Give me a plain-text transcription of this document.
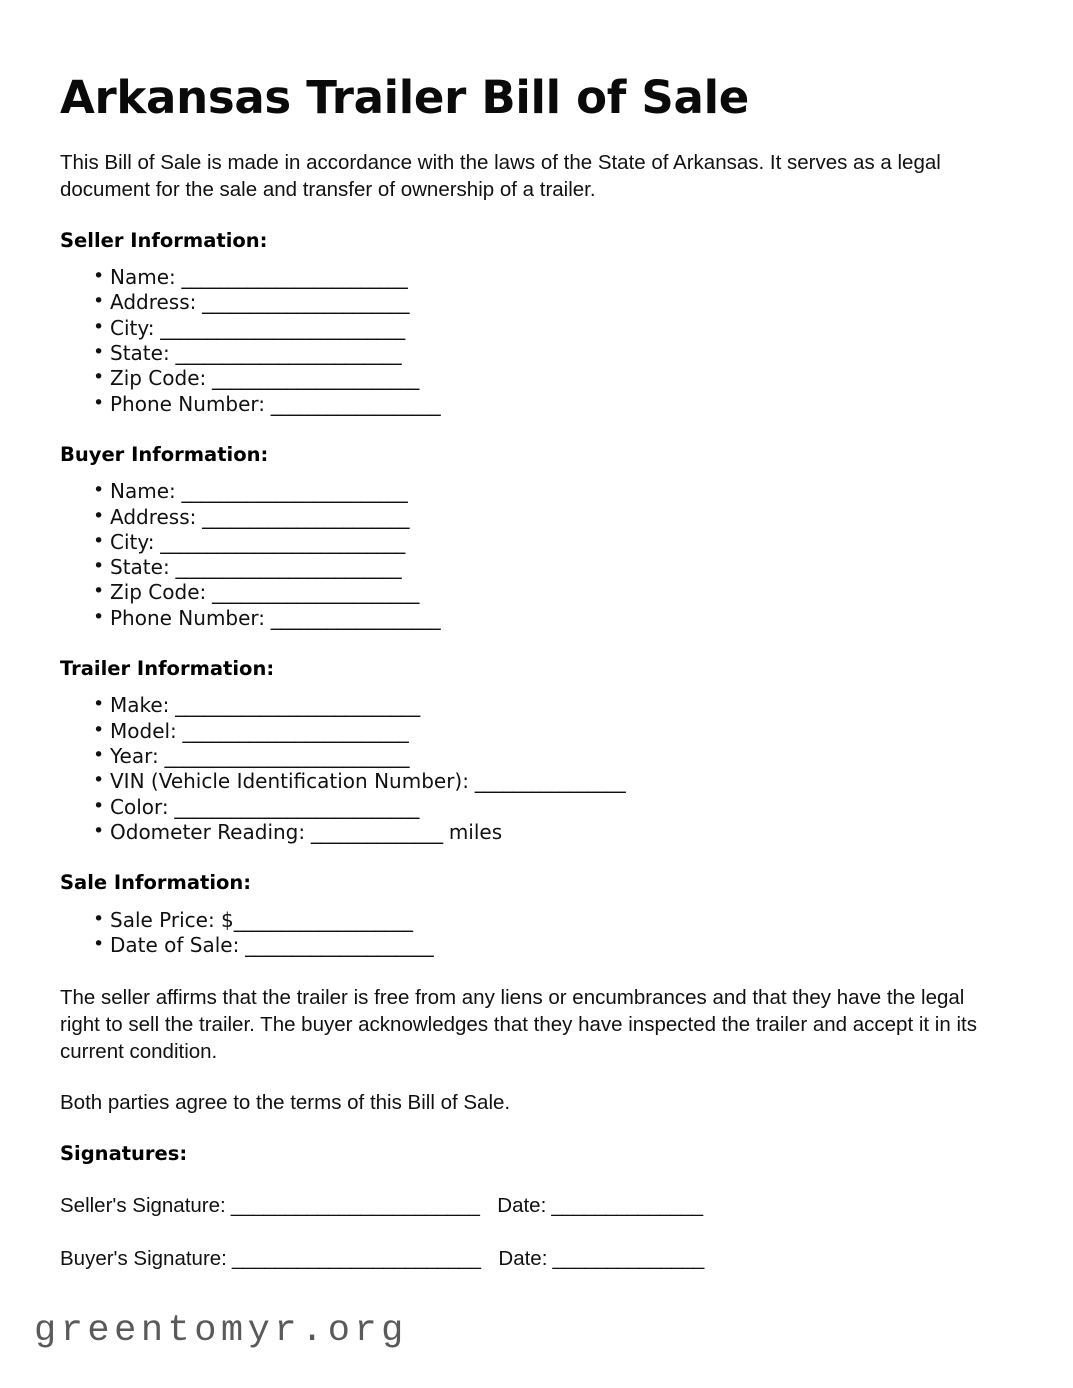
Arkansas Trailer Bill of Sale

This Bill of Sale is made in accordance with the laws of the State of Arkansas. It serves as a legal document for the sale and transfer of ownership of a trailer.

Seller Information:
• Name: ________________________
• Address: ______________________
• City: __________________________
• State: ________________________
• Zip Code: ______________________
• Phone Number: __________________
Buyer Information:
• Name: ________________________
• Address: ______________________
• City: __________________________
• State: ________________________
• Zip Code: ______________________
• Phone Number: __________________
Trailer Information:
• Make: __________________________
• Model: ________________________
• Year: __________________________
• VIN (Vehicle Identification Number): ________________
• Color: __________________________
• Odometer Reading: ______________ miles
Sale Information:
• Sale Price: $___________________
• Date of Sale: ____________________

The seller affirms that the trailer is free from any liens or encumbrances and that they have the legal right to sell the trailer. The buyer acknowledges that they have inspected the trailer and accept it in its current condition.

Both parties agree to the terms of this Bill of Sale.

Signatures:
Seller's Signature: _______________________ Date: ______________
Buyer's Signature: _______________________ Date: ______________
greentomyr.org
